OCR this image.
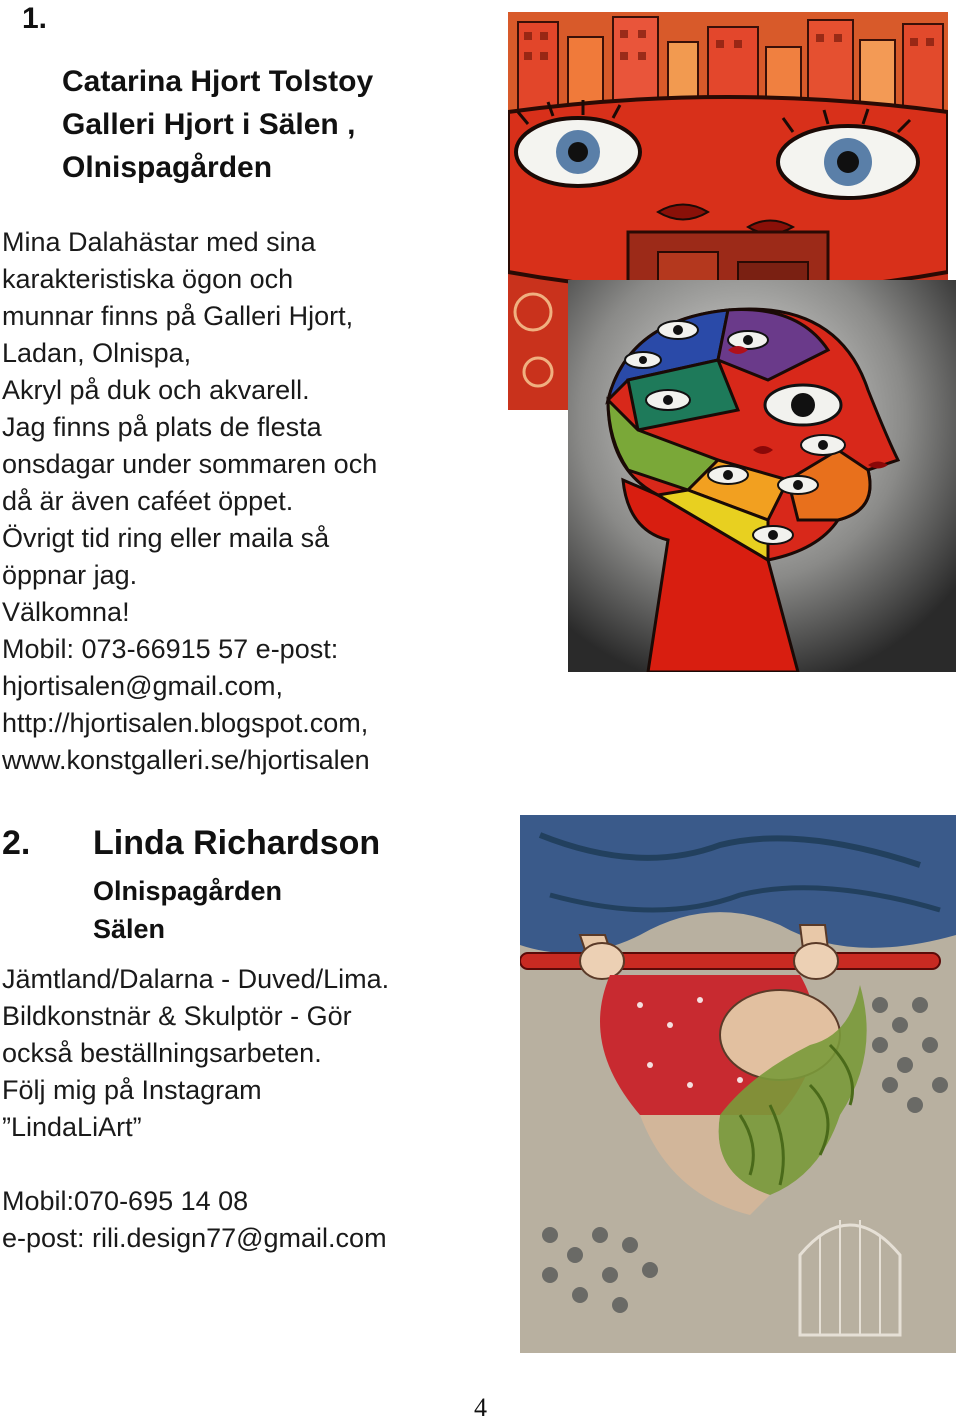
1.
Catarina Hjort Tolstoy
Galleri Hjort i Sälen ,
Olnispagården
Mina Dalahästar med sina
karakteristiska ögon och
munnar finns på Galleri Hjort,
Ladan, Olnispa,
Akryl på duk och akvarell.
Jag finns på plats de flesta
onsdagar under sommaren och
då är även caféet öppet.
Övrigt tid ring eller maila så
öppnar jag.
Välkomna!
Mobil: 073-66915 57 e-post:
hjortisalen@gmail.com,
http://hjortisalen.blogspot.com,
www.konstgalleri.se/hjortisalen
2. Linda Richardson
Olnispagården
Sälen
Jämtland/Dalarna - Duved/Lima.
Bildkonstnär & Skulptör - Gör
också beställningsarbeten.
Följ mig på Instagram
”LindaLiArt”
Mobil:070-695 14 08
e-post: rili.design77@gmail.com
4
